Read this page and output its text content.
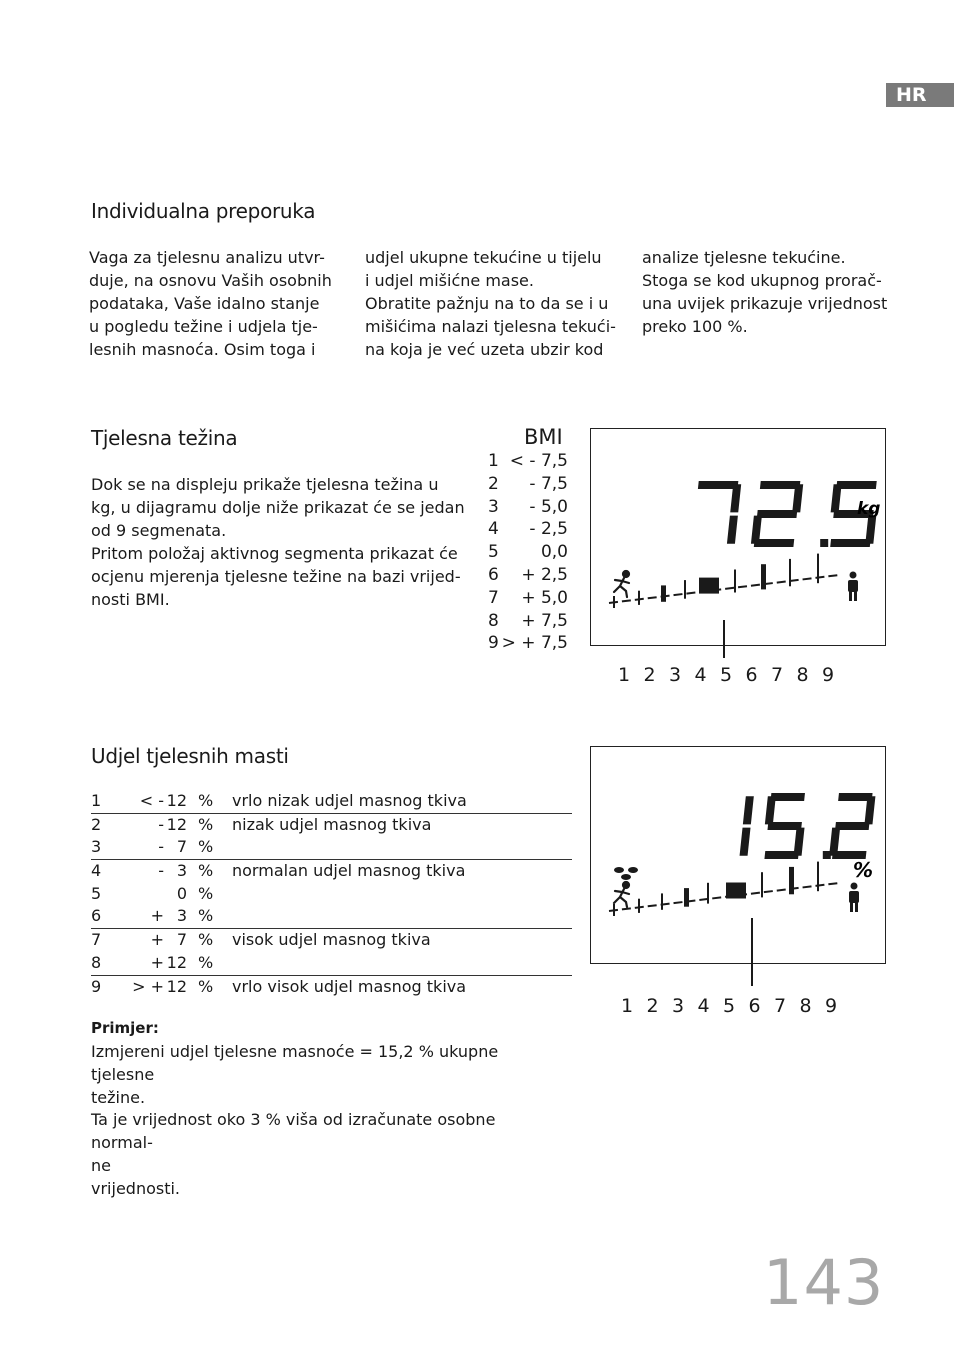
HR
Individualna preporuka

Vaga za tjelesnu analizu utvr-

duje, na osnovu Vaših osobnih

podataka, Vaše idalno stanje

u pogledu težine i udjela tje-

lesnih masnoća. Osim toga i

udjel ukupne tekućine u tijelu

i udjel mišićne mase.

Obratite pažnju na to da se i u

mišićima nalazi tjelesna tekući-

na koja je već uzeta ubzir kod

analize tjelesne tekućine.

Stoga se kod ukupnog prorač-

una uvijek prikazuje vrijednost

preko 100 %.

Tjelesna težina

Dok se na displeju prikaže tjelesna težina u

kg, u dijagramu dolje niže prikazat će se jedan

od 9 segmenata.

Pritom položaj aktivnog segmenta prikazat će

ocjenu mjerenja tjelesne težine na bazi vrijed-

nosti BMI.

BMI
1 < - 7,5
2 - 7,5
3 - 5,0
4 - 2,5
5 0,0
6 + 2,5
7 + 5,0
8 + 7,5
9 > + 7,5
kg
1 2 3 4 5 6 7 8 9
Udjel tjelesnih masti
1 < - 12 % vrlo nizak udjel masnog tkiva
2	- 12 % nizak udjel masnog tkiva
3	- 7 %
4	- 3 % normalan udjel masnog tkiva
5	0 %
6	+ 3 %
7	+ 7 % visok udjel masnog tkiva
8	+ 12 %
9 > + 12 % vrlo visok udjel masnog tkiva
Primjer:

Izmjereni udjel tjelesne masnoće = 15,2 % ukupne tjelesne

težine.

Ta je vrijednost oko 3 % viša od izračunate osobne normal-

ne

vrijednosti.

%
1 2 3 4 5 6 7 8 9
143
